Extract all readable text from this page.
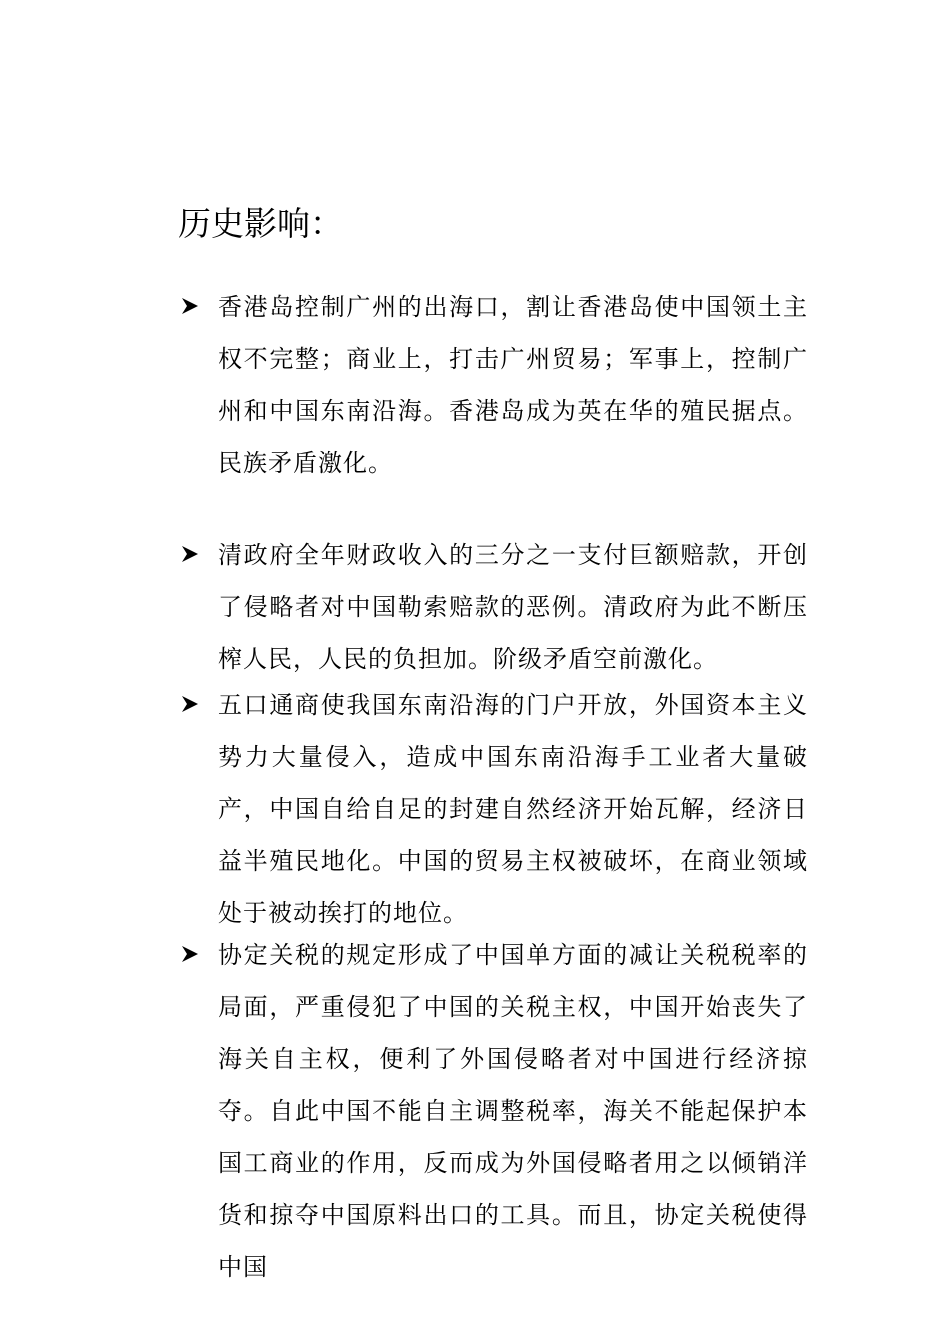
历史影响：

香港岛控制广州的出海口，割让香港岛使中国领土主权不完整；商业上，打击广州贸易；军事上，控制广州和中国东南沿海。香港岛成为英在华的殖民据点。民族矛盾激化。

清政府全年财政收入的三分之一支付巨额赔款，开创了侵略者对中国勒索赔款的恶例。清政府为此不断压榨人民，人民的负担加。阶级矛盾空前激化。

五口通商使我国东南沿海的门户开放，外国资本主义势力大量侵入，造成中国东南沿海手工业者大量破产，中国自给自足的封建自然经济开始瓦解，经济日益半殖民地化。中国的贸易主权被破坏，在商业领域处于被动挨打的地位。

协定关税的规定形成了中国单方面的减让关税税率的局面，严重侵犯了中国的关税主权，中国开始丧失了海关自主权，便利了外国侵略者对中国进行经济掠夺。自此中国不能自主调整税率，海关不能起保护本国工商业的作用，反而成为外国侵略者用之以倾销洋货和掠夺中国原料出口的工具。而且，协定关税使得中国
